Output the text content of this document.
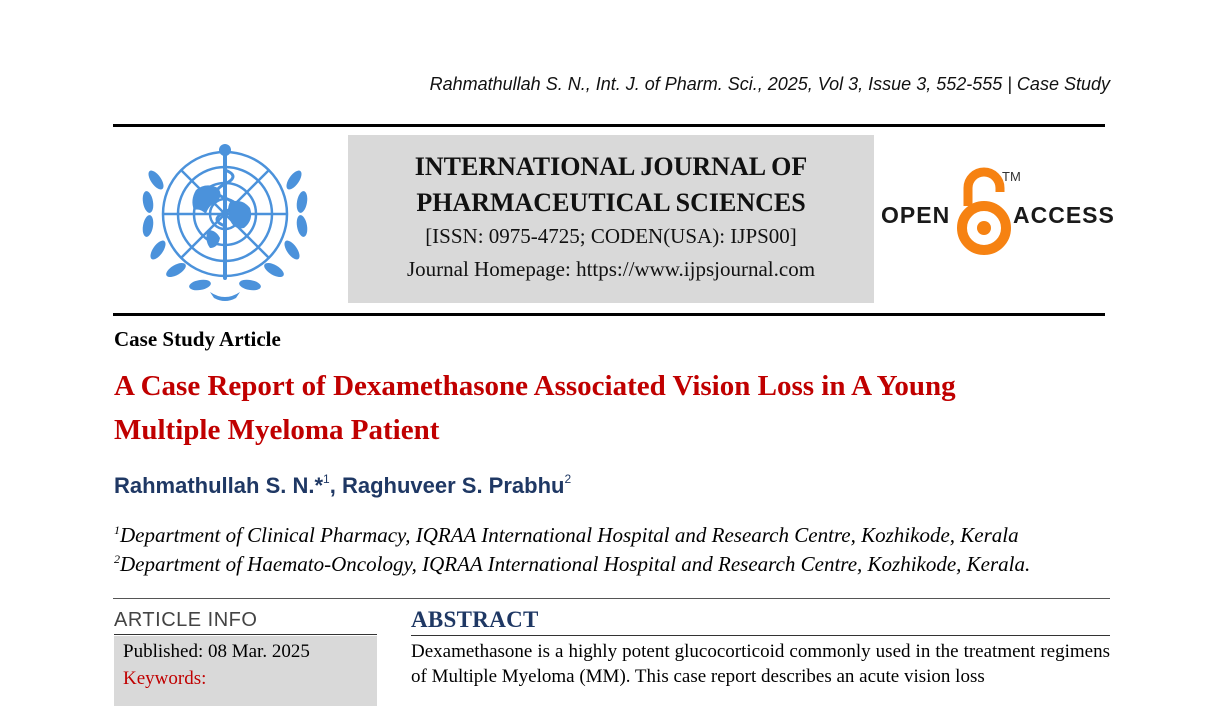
Rahmathullah S. N., Int. J. of Pharm. Sci., 2025, Vol 3, Issue 3, 552-555 | Case Study
INTERNATIONAL JOURNAL OF
PHARMACEUTICAL SCIENCES
[ISSN: 0975-4725; CODEN(USA): IJPS00]
Journal Homepage: https://www.ijpsjournal.com
OPEN
TM
ACCESS
Case Study Article
A Case Report of Dexamethasone Associated Vision Loss in A Young
Multiple Myeloma Patient
Rahmathullah S. N.*$^1$, Raghuveer S. Prabhu$^2$
$^1$Department of Clinical Pharmacy, IQRAA International Hospital and Research Centre, Kozhikode, Kerala
$^2$Department of Haemato-Oncology, IQRAA International Hospital and Research Centre, Kozhikode, Kerala.
ARTICLE INFO
Published: 08 Mar. 2025
Keywords:
ABSTRACT
Dexamethasone is a highly potent glucocorticoid commonly used in the treatment regimens of Multiple Myeloma (MM). This case report describes an acute vision loss
